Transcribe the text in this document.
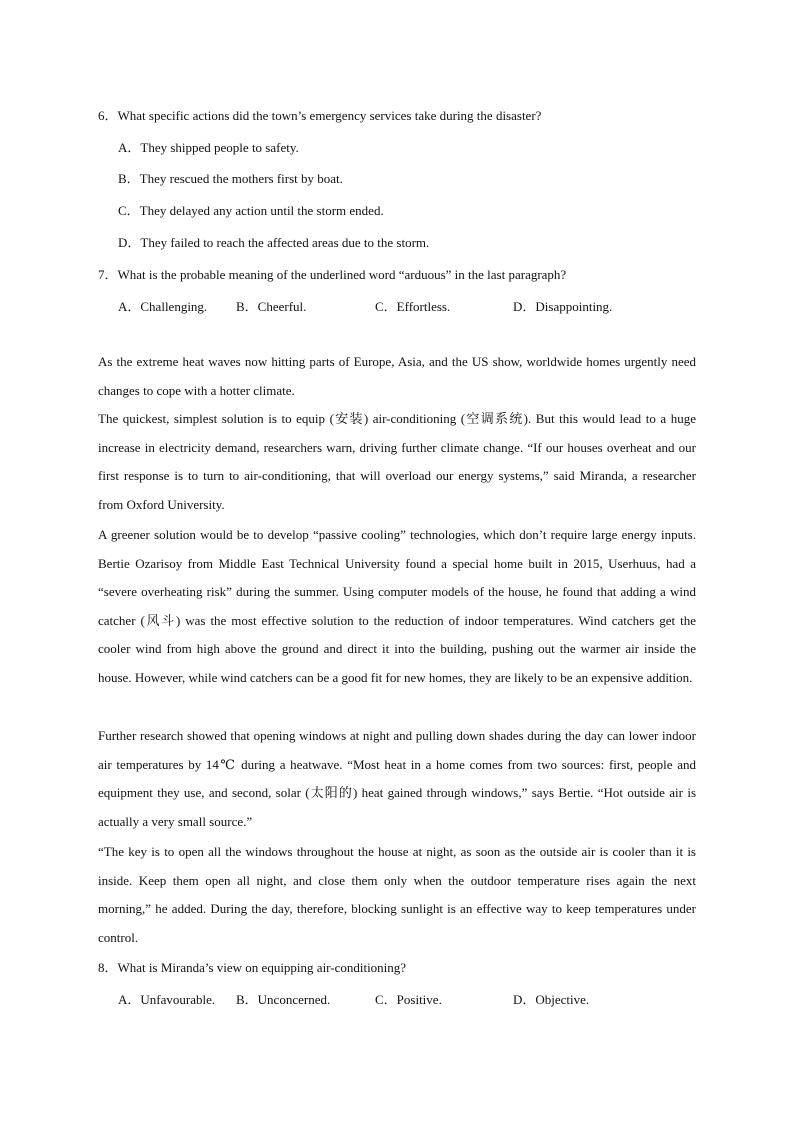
6．What specific actions did the town’s emergency services take during the disaster?
A．They shipped people to safety.
B．They rescued the mothers first by boat.
C．They delayed any action until the storm ended.
D．They failed to reach the affected areas due to the storm.
7．What is the probable meaning of the underlined word “arduous” in the last paragraph?
A．Challenging. B．Cheerful.	C．Effortless.	D．Disappointing.

As the extreme heat waves now hitting parts of Europe, Asia, and the US show, worldwide homes urgently need changes to cope with a hotter climate.

The quickest, simplest solution is to equip (安装) air-conditioning (空调系统). But this would lead to a huge increase in electricity demand, researchers warn, driving further climate change. “If our houses overheat and our first response is to turn to air-conditioning, that will overload our energy systems,” said Miranda, a researcher from Oxford University.

A greener solution would be to develop “passive cooling” technologies, which don’t require large energy inputs. Bertie Ozarisoy from Middle East Technical University found a special home built in 2015, Userhuus, had a “severe overheating risk” during the summer. Using computer models of the house, he found that adding a wind catcher (风斗) was the most effective solution to the reduction of indoor temperatures. Wind catchers get the cooler wind from high above the ground and direct it into the building, pushing out the warmer air inside the house. However, while wind catchers can be a good fit for new homes, they are likely to be an expensive addition.

Further research showed that opening windows at night and pulling down shades during the day can lower indoor air temperatures by 14℃ during a heatwave. “Most heat in a home comes from two sources: first, people and equipment they use, and second, solar (太阳的) heat gained through windows,” says Bertie. “Hot outside air is actually a very small source.”

“The key is to open all the windows throughout the house at night, as soon as the outside air is cooler than it is inside. Keep them open all night, and close them only when the outdoor temperature rises again the next morning,” he added. During the day, therefore, blocking sunlight is an effective way to keep temperatures under control.

8．What is Miranda’s view on equipping air-conditioning?
A．Unfavourable. B．Unconcerned.	C．Positive.	D．Objective.
